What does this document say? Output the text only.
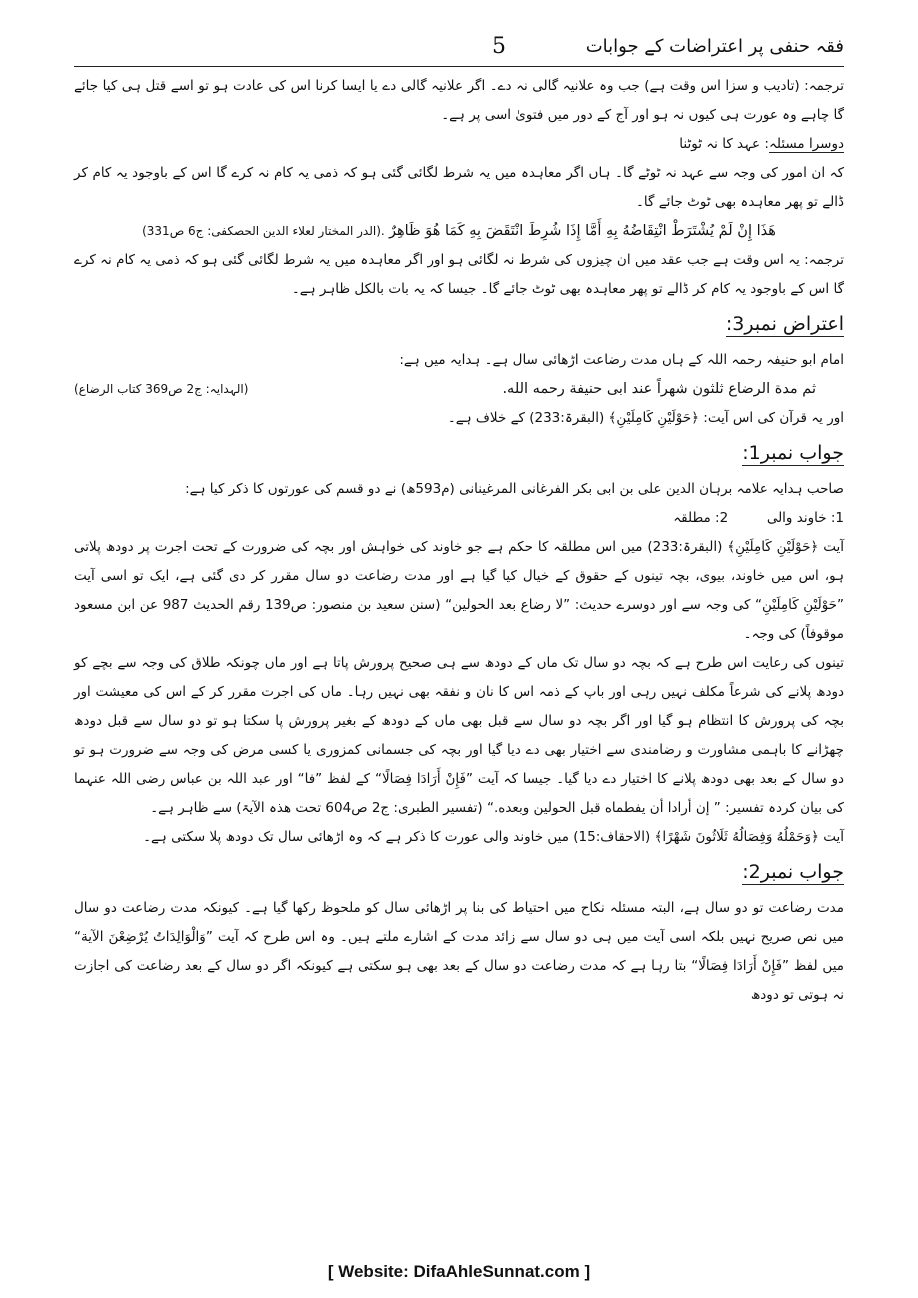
فقہ حنفی پر اعتراضات کے جوابات
5

ترجمہ: (تادیب و سزا اس وقت ہے) جب وہ علانیہ گالی نہ دے۔ اگر علانیہ گالی دے یا ایسا کرنا اس کی عادت ہو تو اسے قتل ہی کیا جائے گا چاہے وہ عورت ہی کیوں نہ ہو اور آج کے دور میں فتویٰ اسی پر ہے۔

دوسرا مسئلہ: عہد کا نہ ٹوٹنا

کہ ان امور کی وجہ سے عہد نہ ٹوٹے گا۔ ہاں اگر معاہدہ میں یہ شرط لگائی گئی ہو کہ ذمی یہ کام نہ کرے گا اس کے باوجود یہ کام کر ڈالے تو پھر معاہدہ بھی ٹوٹ جائے گا۔

هَذَا إِنْ لَمْ يُشْتَرَطْ انْتِقَاضُهُ بِهِ أَمَّا إِذَا شُرِطَ انْتَقَضَ بِهِ كَمَا هُوَ ظَاهِرٌ .(الدر المختار لعلاء الدین الحصکفی: ج6 ص331)

ترجمہ: یہ اس وقت ہے جب عقد میں ان چیزوں کی شرط نہ لگائی ہو اور اگر معاہدہ میں یہ شرط لگائی گئی ہو کہ ذمی یہ کام نہ کرے گا اس کے باوجود یہ کام کر ڈالے تو پھر معاہدہ بھی ٹوٹ جائے گا۔ جیسا کہ یہ بات بالکل ظاہر ہے۔

اعتراض نمبر3:

امام ابو حنیفہ رحمہ اللہ کے ہاں مدت رضاعت اڑھائی سال ہے۔ ہدایہ میں ہے:

ثم مدة الرضاع ثلثون شهراً عند ابی حنيفة رحمه الله.
(الہدایہ: ج2 ص369 کتاب الرضاع)

اور یہ قرآن کی اس آیت: ﴿حَوْلَيْنِ كَامِلَيْنِ﴾ (البقرۃ:233) کے خلاف ہے۔

جواب نمبر1:

صاحب ہدایہ علامہ برہان الدین علی بن ابی بکر الفرغانی المرغینانی (م593ھ) نے دو قسم کی عورتوں کا ذکر کیا ہے:

1: خاوند والی         2: مطلقہ

آیت ﴿حَوْلَيْنِ كَامِلَيْنِ﴾ (البقرۃ:233) میں اس مطلقہ کا حکم ہے جو خاوند کی خواہش اور بچہ کی ضرورت کے تحت اجرت پر دودھ پلاتی ہو، اس میں خاوند، بیوی، بچہ تینوں کے حقوق کے خیال کیا گیا ہے اور مدت رضاعت دو سال مقرر کر دی گئی ہے، ایک تو اسی آیت ”حَوْلَيْنِ كَامِلَيْنِ“ کی وجہ سے اور دوسرے حدیث: ”لا رضاع بعد الحولین“ (سنن سعید بن منصور: ص139 رقم الحدیث 987 عن ابن مسعود موقوفاً) کی وجہ۔

تینوں کی رعایت اس طرح ہے کہ بچہ دو سال تک ماں کے دودھ سے ہی صحیح پرورش پاتا ہے اور ماں چونکہ طلاق کی وجہ سے بچے کو دودھ پلانے کی شرعاً مکلف نہیں رہی اور باپ کے ذمہ اس کا نان و نفقہ بھی نہیں رہا۔ ماں کی اجرت مقرر کر کے اس کی معیشت اور بچہ کی پرورش کا انتظام ہو گیا اور اگر بچہ دو سال سے قبل بھی ماں کے دودھ کے بغیر پرورش پا سکتا ہو تو دو سال سے قبل دودھ چھڑانے کا باہمی مشاورت و رضامندی سے اختیار بھی دے دیا گیا اور بچہ کی جسمانی کمزوری یا کسی مرض کی وجہ سے ضرورت ہو تو دو سال کے بعد بھی دودھ پلانے کا اختیار دے دیا گیا۔ جیسا کہ آیت ”فَإِنْ أَرَادَا فِصَالًا“ کے لفظ ”فا“ اور عبد اللہ بن عباس رضی اللہ عنہما کی بیان کردہ تفسیر: ” إن أرادا أن يفطماه قبل الحولين وبعده.“ (تفسیر الطبری: ج2 ص604 تحت ھذہ الآیۃ) سے ظاہر ہے۔

آیت ﴿وَحَمْلُهُ وَفِصَالُهُ ثَلَاثُونَ شَهْرًا﴾ (الاحقاف:15) میں خاوند والی عورت کا ذکر ہے کہ وہ اڑھائی سال تک دودھ پلا سکتی ہے۔

جواب نمبر2:

مدت رضاعت تو دو سال ہے، البتہ مسئلہ نکاح میں احتیاط کی بنا پر اڑھائی سال کو ملحوظ رکھا گیا ہے۔ کیونکہ مدت رضاعت دو سال میں نص صریح نہیں بلکہ اسی آیت میں ہی دو سال سے زائد مدت کے اشارے ملتے ہیں۔ وہ اس طرح کہ آیت ”وَالْوَالِدَاتُ يُرْضِعْنَ الآية“ میں لفظ ”فَإِنْ أَرَادَا فِصَالًا“ بتا رہا ہے کہ مدت رضاعت دو سال کے بعد بھی ہو سکتی ہے کیونکہ اگر دو سال کے بعد رضاعت کی اجازت نہ ہوتی تو دودھ

[ Website: DifaAhleSunnat.com ]
